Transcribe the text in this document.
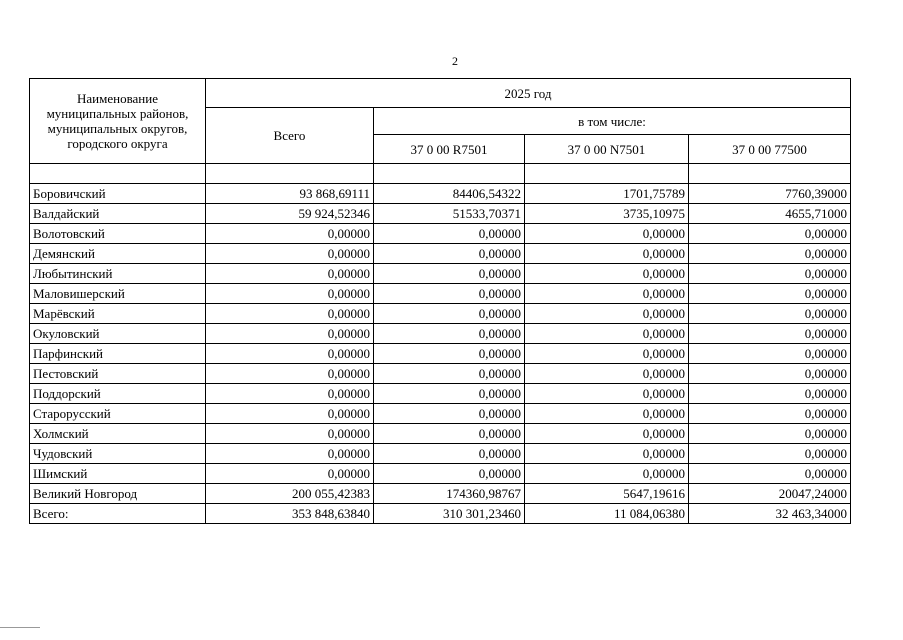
2
Наименование муниципальных районов, муниципальных округов, городского округа	2025 год			
	Всего	в том числе:		
		37 0 00 R7501	37 0 00 N7501	37 0 00 77500

Боровичский	93 868,69111	84406,54322	1701,75789	7760,39000
Валдайский	59 924,52346	51533,70371	3735,10975	4655,71000
Волотовский	0,00000	0,00000	0,00000	0,00000
Демянский	0,00000	0,00000	0,00000	0,00000
Любытинский	0,00000	0,00000	0,00000	0,00000
Маловишерский	0,00000	0,00000	0,00000	0,00000
Марёвский	0,00000	0,00000	0,00000	0,00000
Окуловский	0,00000	0,00000	0,00000	0,00000
Парфинский	0,00000	0,00000	0,00000	0,00000
Пестовский	0,00000	0,00000	0,00000	0,00000
Поддорский	0,00000	0,00000	0,00000	0,00000
Старорусский	0,00000	0,00000	0,00000	0,00000
Холмский	0,00000	0,00000	0,00000	0,00000
Чудовский	0,00000	0,00000	0,00000	0,00000
Шимский	0,00000	0,00000	0,00000	0,00000
Великий Новгород	200 055,42383	174360,98767	5647,19616	20047,24000
Всего:	353 848,63840	310 301,23460	11 084,06380	32 463,34000
